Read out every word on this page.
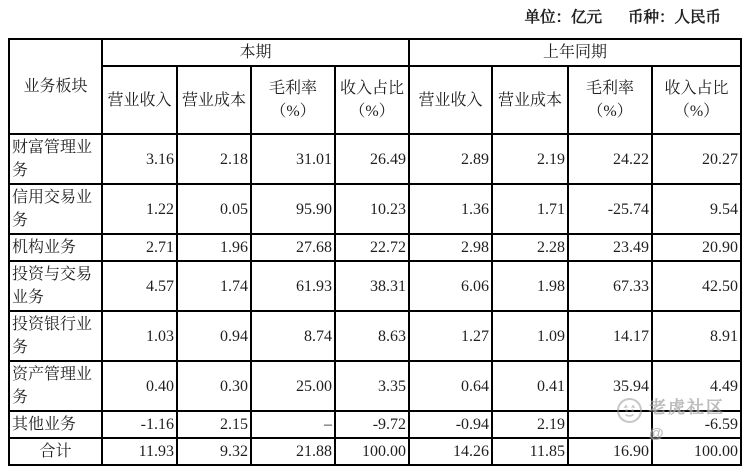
单位：亿元 币种：人民币
业务板块	本期				上年同期			
	营业收入	营业成本	毛利率（%）	收入占比（%）	营业收入	营业成本	毛利率（%）	收入占比（%）
财富管理业务	3.16	2.18	31.01	26.49	2.89	2.19	24.22	20.27
信用交易业务	1.22	0.05	95.90	10.23	1.36	1.71	-25.74	9.54
机构业务	2.71	1.96	27.68	22.72	2.98	2.28	23.49	20.90
投资与交易业务	4.57	1.74	61.93	38.31	6.06	1.98	67.33	42.50
投资银行业务	1.03	0.94	8.74	8.63	1.27	1.09	14.17	8.91
资产管理业务	0.40	0.30	25.00	3.35	0.64	0.41	35.94	4.49
其他业务	-1.16	2.15	–	-9.72	-0.94	2.19		-6.59
合计	11.93	9.32	21.88	100.00	14.26	11.85	16.90	100.00
老虎社区
@
